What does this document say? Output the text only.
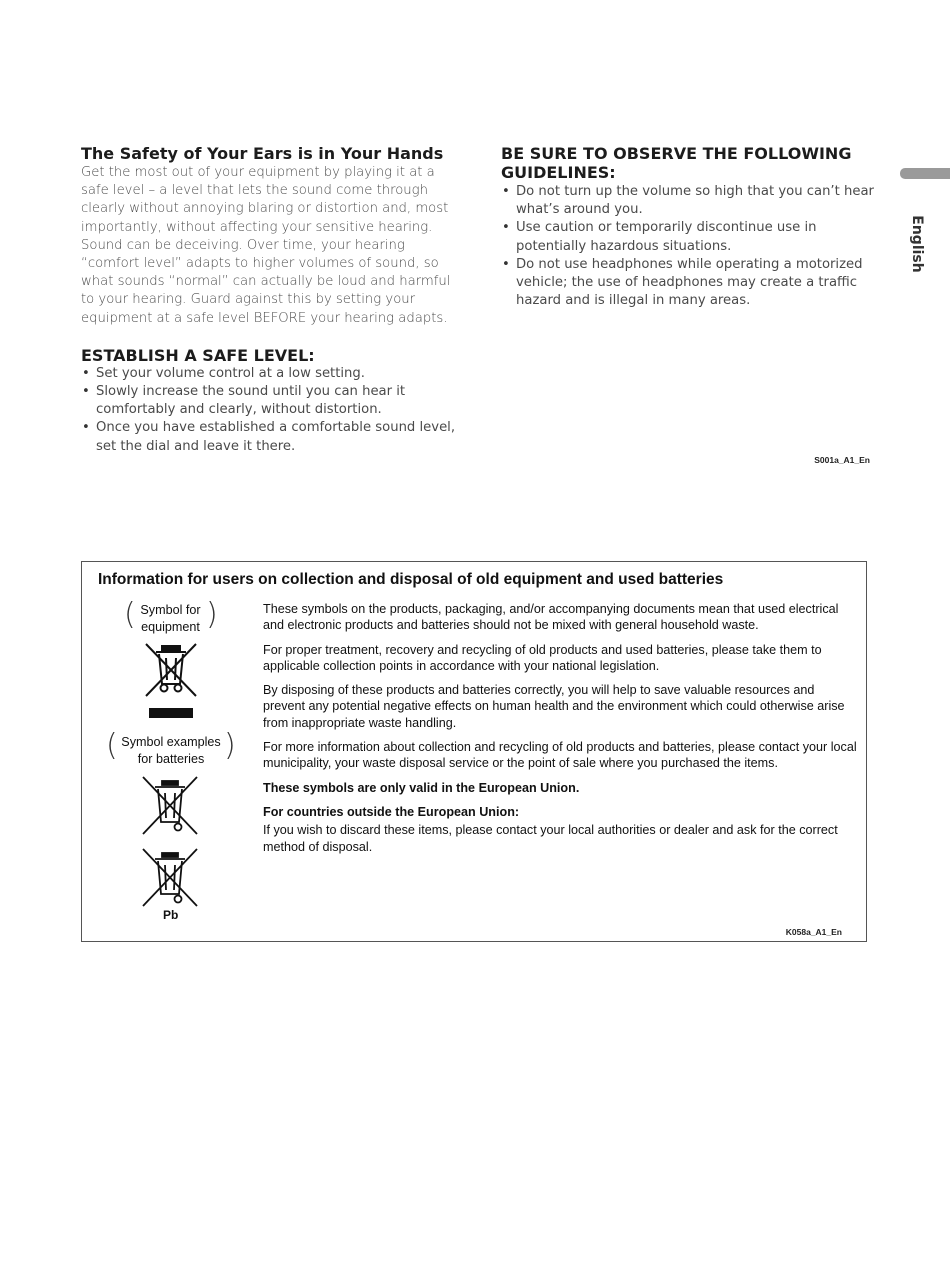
English
The Safety of Your Ears is in Your Hands

Get the most out of your equipment by playing it at a safe level – a level that lets the sound come through clearly without annoying blaring or distortion and, most importantly, without affecting your sensitive hearing. Sound can be deceiving. Over time, your hearing “comfort level” adapts to higher volumes of sound, so what sounds “normal” can actually be loud and harmful to your hearing. Guard against this by setting your equipment at a safe level BEFORE your hearing adapts.

ESTABLISH A SAFE LEVEL:
• Set your volume control at a low setting.
• Slowly increase the sound until you can hear it comfortably and clearly, without distortion.
• Once you have established a comfortable sound level, set the dial and leave it there.
BE SURE TO OBSERVE THE FOLLOWING GUIDELINES:
• Do not turn up the volume so high that you can’t hear what’s around you.
• Use caution or temporarily discontinue use in potentially hazardous situations.
• Do not use headphones while operating a motorized vehicle; the use of headphones may create a traffic hazard and is illegal in many areas.
S001a_A1_En
Information for users on collection and disposal of old equipment and used batteries
( Symbol for
equipment )
( Symbol examples
for batteries )
Pb

These symbols on the products, packaging, and/or accompanying documents mean that used electrical and electronic products and batteries should not be mixed with general household waste.

For proper treatment, recovery and recycling of old products and used batteries, please take them to applicable collection points in accordance with your national legislation.

By disposing of these products and batteries correctly, you will help to save valuable resources and prevent any potential negative effects on human health and the environment which could otherwise arise from inappropriate waste handling.

For more information about collection and recycling of old products and batteries, please contact your local municipality, your waste disposal service or the point of sale where you purchased the items.

These symbols are only valid in the European Union.

For countries outside the European Union:

If you wish to discard these items, please contact your local authorities or dealer and ask for the correct method of disposal.

K058a_A1_En
